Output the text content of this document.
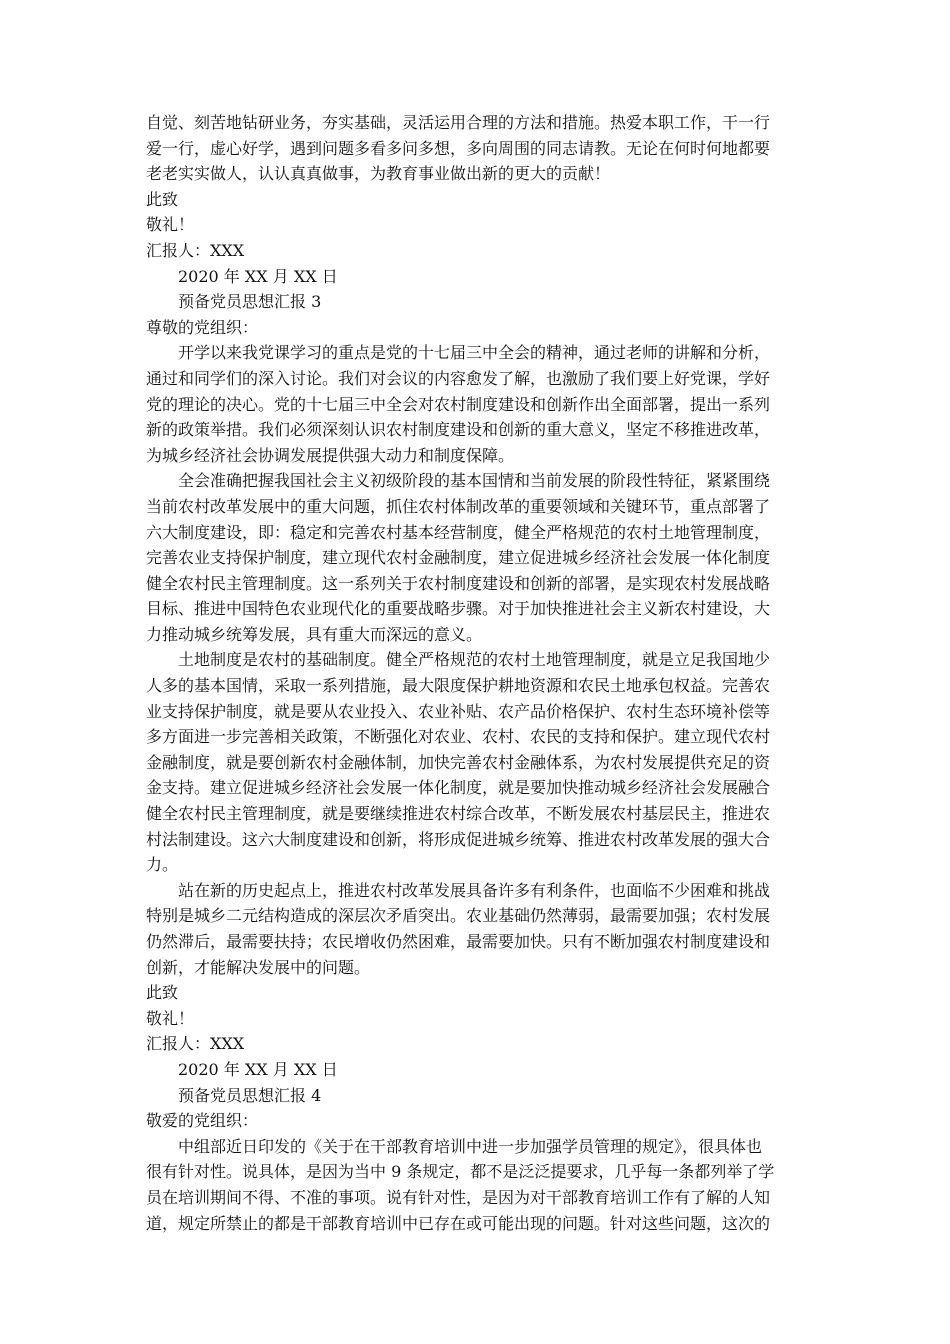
自觉、刻苦地钻研业务，夯实基础，灵活运用合理的方法和措施。热爱本职工作，干一行
爱一行，虚心好学，遇到问题多看多问多想，多向周围的同志请教。无论在何时何地都要
老老实实做人，认认真真做事，为教育事业做出新的更大的贡献！
此致
敬礼！
汇报人：XXX
2020 年 XX 月 XX 日
预备党员思想汇报 3
尊敬的党组织：
开学以来我党课学习的重点是党的十七届三中全会的精神，通过老师的讲解和分析，
通过和同学们的深入讨论。我们对会议的内容愈发了解，也激励了我们要上好党课，学好
党的理论的决心。党的十七届三中全会对农村制度建设和创新作出全面部署，提出一系列
新的政策举措。我们必须深刻认识农村制度建设和创新的重大意义，坚定不移推进改革，
为城乡经济社会协调发展提供强大动力和制度保障。
全会准确把握我国社会主义初级阶段的基本国情和当前发展的阶段性特征，紧紧围绕
当前农村改革发展中的重大问题，抓住农村体制改革的重要领域和关键环节，重点部署了
六大制度建设，即：稳定和完善农村基本经营制度，健全严格规范的农村土地管理制度，
完善农业支持保护制度，建立现代农村金融制度，建立促进城乡经济社会发展一体化制度
健全农村民主管理制度。这一系列关于农村制度建设和创新的部署，是实现农村发展战略
目标、推进中国特色农业现代化的重要战略步骤。对于加快推进社会主义新农村建设，大
力推动城乡统筹发展，具有重大而深远的意义。
土地制度是农村的基础制度。健全严格规范的农村土地管理制度，就是立足我国地少
人多的基本国情，采取一系列措施，最大限度保护耕地资源和农民土地承包权益。完善农
业支持保护制度，就是要从农业投入、农业补贴、农产品价格保护、农村生态环境补偿等
多方面进一步完善相关政策，不断强化对农业、农村、农民的支持和保护。建立现代农村
金融制度，就是要创新农村金融体制，加快完善农村金融体系，为农村发展提供充足的资
金支持。建立促进城乡经济社会发展一体化制度，就是要加快推动城乡经济社会发展融合
健全农村民主管理制度，就是要继续推进农村综合改革，不断发展农村基层民主，推进农
村法制建设。这六大制度建设和创新，将形成促进城乡统筹、推进农村改革发展的强大合
力。
站在新的历史起点上，推进农村改革发展具备许多有利条件，也面临不少困难和挑战
特别是城乡二元结构造成的深层次矛盾突出。农业基础仍然薄弱，最需要加强；农村发展
仍然滞后，最需要扶持；农民增收仍然困难，最需要加快。只有不断加强农村制度建设和
创新，才能解决发展中的问题。
此致
敬礼！
汇报人：XXX
2020 年 XX 月 XX 日
预备党员思想汇报 4
敬爱的党组织：
中组部近日印发的《关于在干部教育培训中进一步加强学员管理的规定》，很具体也
很有针对性。说具体，是因为当中 9 条规定，都不是泛泛提要求，几乎每一条都列举了学
员在培训期间不得、不准的事项。说有针对性，是因为对干部教育培训工作有了解的人知
道，规定所禁止的都是干部教育培训中已存在或可能出现的问题。针对这些问题，这次的
